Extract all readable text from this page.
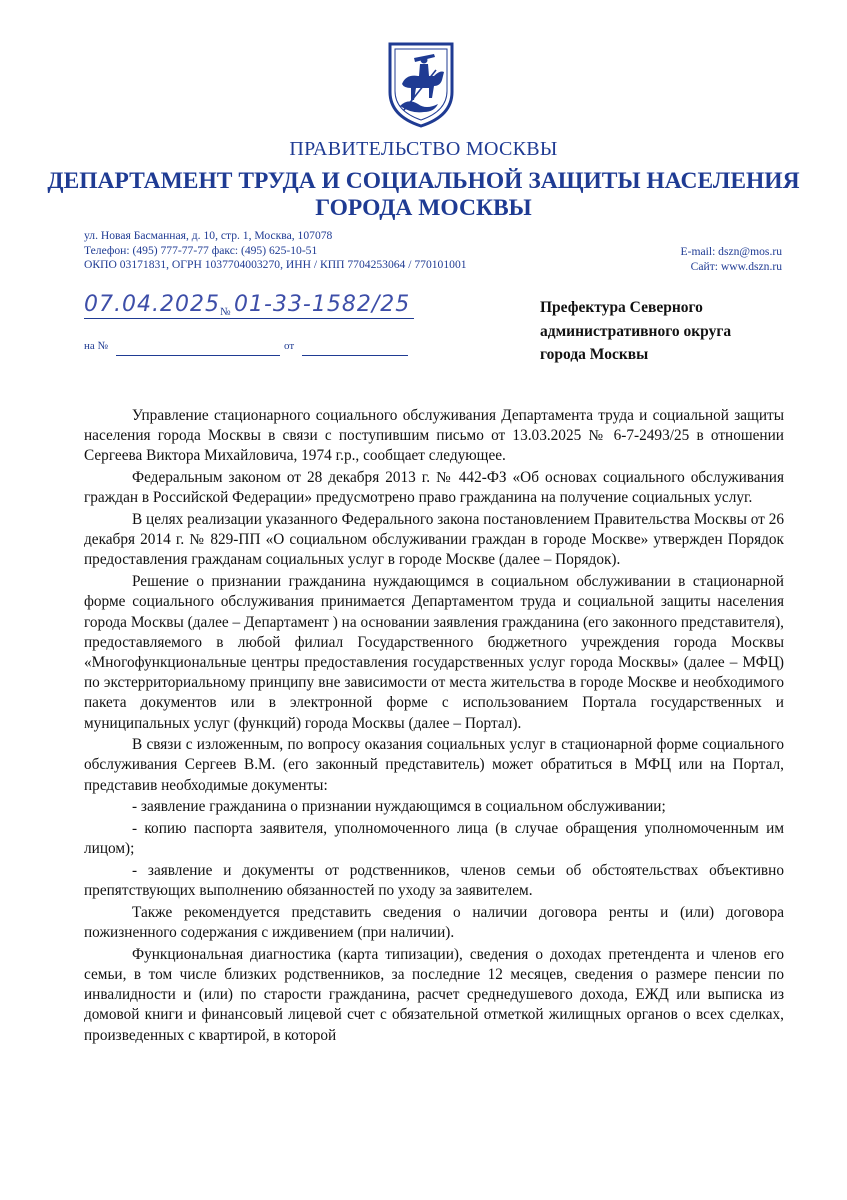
ПРАВИТЕЛЬСТВО МОСКВЫ
ДЕПАРТАМЕНТ ТРУДА И СОЦИАЛЬНОЙ ЗАЩИТЫ НАСЕЛЕНИЯ
ГОРОДА МОСКВЫ
ул. Новая Басманная, д. 10, стр. 1, Москва, 107078
Телефон: (495) 777-77-77 факс: (495) 625-10-51
ОКПО 03171831, ОГРН 1037704003270, ИНН / КПП 7704253064 / 770101001
E-mail: dszn@mos.ru
Сайт: www.dszn.ru
07.04.2025 01-33-1582/25
№
на №	от
Префектура Северного
административного округа
города Москвы

Управление стационарного социального обслуживания Департамента труда и социальной защиты населения города Москвы в связи с поступившим письмо от 13.03.2025 № 6-7-2493/25 в отношении Сергеева Виктора Михайловича, 1974 г.р., сообщает следующее.

Федеральным законом от 28 декабря 2013 г. № 442-ФЗ «Об основах социального обслуживания граждан в Российской Федерации» предусмотрено право гражданина на получение социальных услуг.

В целях реализации указанного Федерального закона постановлением Правительства Москвы от 26 декабря 2014 г. № 829-ПП «О социальном обслуживании граждан в городе Москве» утвержден Порядок предоставления гражданам социальных услуг в городе Москве (далее – Порядок).

Решение о признании гражданина нуждающимся в социальном обслуживании в стационарной форме социального обслуживания принимается Департаментом труда и социальной защиты населения города Москвы (далее – Департамент ) на основании заявления гражданина (его законного представителя), предоставляемого в любой филиал Государственного бюджетного учреждения города Москвы «Многофункциональные центры предоставления государственных услуг города Москвы» (далее – МФЦ) по экстерриториальному принципу вне зависимости от места жительства в городе Москве и необходимого пакета документов или в электронной форме с использованием Портала государственных и муниципальных услуг (функций) города Москвы (далее – Портал).

В связи с изложенным, по вопросу оказания социальных услуг в стационарной форме социального обслуживания Сергеев В.М. (его законный представитель) может обратиться в МФЦ или на Портал, представив необходимые документы:

- заявление гражданина о признании нуждающимся в социальном обслуживании;

- копию паспорта заявителя, уполномоченного лица (в случае обращения уполномоченным им лицом);

- заявление и документы от родственников, членов семьи об обстоятельствах объективно препятствующих выполнению обязанностей по уходу за заявителем.

Также рекомендуется представить сведения о наличии договора ренты и (или) договора пожизненного содержания с иждивением (при наличии).

Функциональная диагностика (карта типизации), сведения о доходах претендента и членов его семьи, в том числе близких родственников, за последние 12 месяцев, сведения о размере пенсии по инвалидности и (или) по старости гражданина, расчет среднедушевого дохода, ЕЖД или выписка из домовой книги и финансовый лицевой счет с обязательной отметкой жилищных органов о всех сделках, произведенных с квартирой, в которой
